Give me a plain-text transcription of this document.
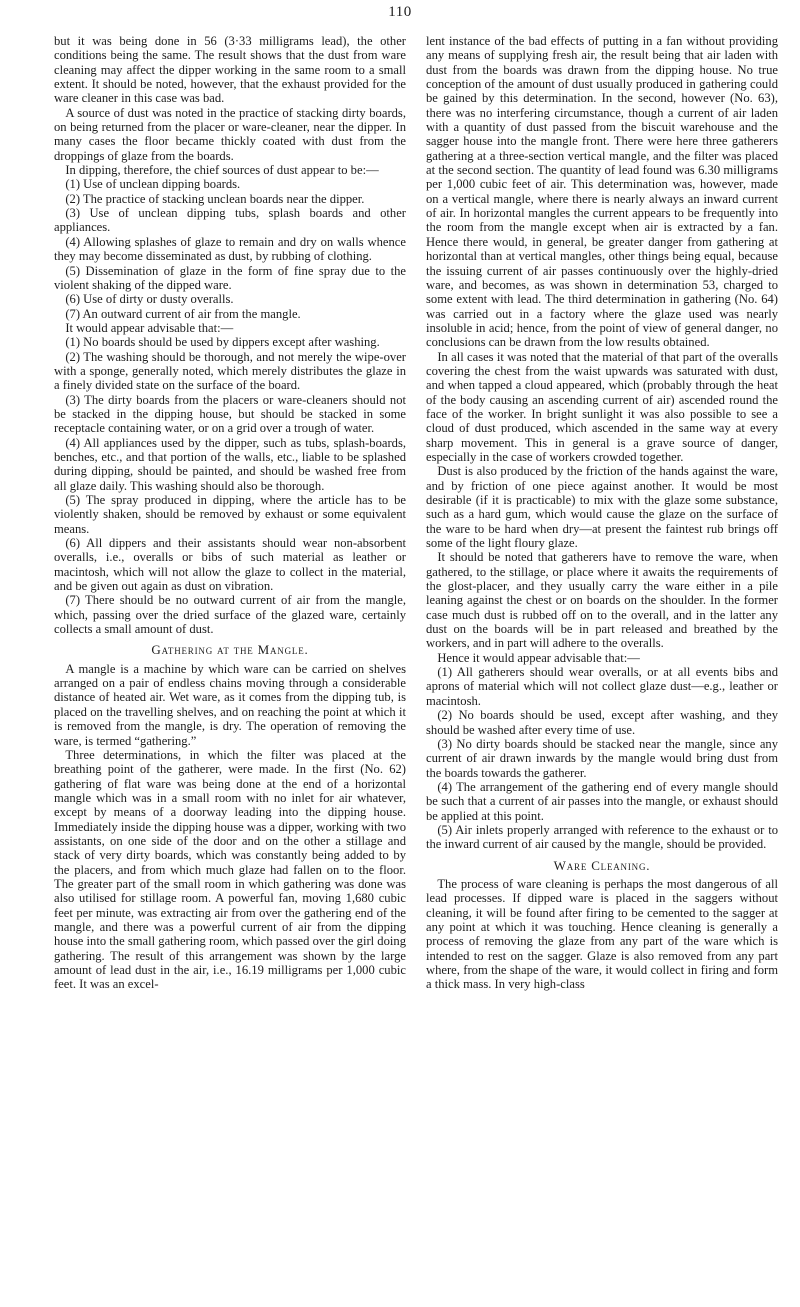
110

but it was being done in 56 (3·33 milligrams lead), the other conditions being the same. The result shows that the dust from ware cleaning may affect the dipper working in the same room to a small extent. It should be noted, however, that the exhaust provided for the ware cleaner in this case was bad.

A source of dust was noted in the practice of stacking dirty boards, on being returned from the placer or ware-cleaner, near the dipper. In many cases the floor became thickly coated with dust from the droppings of glaze from the boards.

In dipping, therefore, the chief sources of dust appear to be:—

(1) Use of unclean dipping boards.

(2) The practice of stacking unclean boards near the dipper.

(3) Use of unclean dipping tubs, splash boards and other appliances.

(4) Allowing splashes of glaze to remain and dry on walls whence they may become disseminated as dust, by rubbing of clothing.

(5) Dissemination of glaze in the form of fine spray due to the violent shaking of the dipped ware.

(6) Use of dirty or dusty overalls.

(7) An outward current of air from the mangle.

It would appear advisable that:—

(1) No boards should be used by dippers except after washing.

(2) The washing should be thorough, and not merely the wipe-over with a sponge, generally noted, which merely distributes the glaze in a finely divided state on the surface of the board.

(3) The dirty boards from the placers or ware-cleaners should not be stacked in the dipping house, but should be stacked in some receptacle containing water, or on a grid over a trough of water.

(4) All appliances used by the dipper, such as tubs, splash-boards, benches, etc., and that portion of the walls, etc., liable to be splashed during dipping, should be painted, and should be washed free from all glaze daily. This washing should also be thorough.

(5) The spray produced in dipping, where the article has to be violently shaken, should be removed by exhaust or some equivalent means.

(6) All dippers and their assistants should wear non-absorbent overalls, i.e., overalls or bibs of such material as leather or macintosh, which will not allow the glaze to collect in the material, and be given out again as dust on vibration.

(7) There should be no outward current of air from the mangle, which, passing over the dried surface of the glazed ware, certainly collects a small amount of dust.

Gathering at the Mangle.

A mangle is a machine by which ware can be carried on shelves arranged on a pair of endless chains moving through a considerable distance of heated air. Wet ware, as it comes from the dipping tub, is placed on the travelling shelves, and on reaching the point at which it is removed from the mangle, is dry. The operation of removing the ware, is termed “gathering.”

Three determinations, in which the filter was placed at the breathing point of the gatherer, were made. In the first (No. 62) gathering of flat ware was being done at the end of a horizontal mangle which was in a small room with no inlet for air whatever, except by means of a doorway leading into the dipping house. Immediately inside the dipping house was a dipper, working with two assistants, on one side of the door and on the other a stillage and stack of very dirty boards, which was constantly being added to by the placers, and from which much glaze had fallen on to the floor. The greater part of the small room in which gathering was done was also utilised for stillage room. A powerful fan, moving 1,680 cubic feet per minute, was extracting air from over the gathering end of the mangle, and there was a powerful current of air from the dipping house into the small gathering room, which passed over the girl doing gathering. The result of this arrangement was shown by the large amount of lead dust in the air, i.e., 16.19 milligrams per 1,000 cubic feet. It was an excel-

lent instance of the bad effects of putting in a fan without providing any means of supplying fresh air, the result being that air laden with dust from the boards was drawn from the dipping house. No true conception of the amount of dust usually produced in gathering could be gained by this determination. In the second, however (No. 63), there was no interfering circumstance, though a current of air laden with a quantity of dust passed from the biscuit warehouse and the sagger house into the mangle front. There were here three gatherers gathering at a three-section vertical mangle, and the filter was placed at the second section. The quantity of lead found was 6.30 milligrams per 1,000 cubic feet of air. This determination was, however, made on a vertical mangle, where there is nearly always an inward current of air. In horizontal mangles the current appears to be frequently into the room from the mangle except when air is extracted by a fan. Hence there would, in general, be greater danger from gathering at horizontal than at vertical mangles, other things being equal, because the issuing current of air passes continuously over the highly-dried ware, and becomes, as was shown in determination 53, charged to some extent with lead. The third determination in gathering (No. 64) was carried out in a factory where the glaze used was nearly insoluble in acid; hence, from the point of view of general danger, no conclusions can be drawn from the low results obtained.

In all cases it was noted that the material of that part of the overalls covering the chest from the waist upwards was saturated with dust, and when tapped a cloud appeared, which (probably through the heat of the body causing an ascending current of air) ascended round the face of the worker. In bright sunlight it was also possible to see a cloud of dust produced, which ascended in the same way at every sharp movement. This in general is a grave source of danger, especially in the case of workers crowded together.

Dust is also produced by the friction of the hands against the ware, and by friction of one piece against another. It would be most desirable (if it is practicable) to mix with the glaze some substance, such as a hard gum, which would cause the glaze on the surface of the ware to be hard when dry—at present the faintest rub brings off some of the light floury glaze.

It should be noted that gatherers have to remove the ware, when gathered, to the stillage, or place where it awaits the requirements of the glost-placer, and they usually carry the ware either in a pile leaning against the chest or on boards on the shoulder. In the former case much dust is rubbed off on to the overall, and in the latter any dust on the boards will be in part released and breathed by the workers, and in part will adhere to the overalls.

Hence it would appear advisable that:—

(1) All gatherers should wear overalls, or at all events bibs and aprons of material which will not collect glaze dust—e.g., leather or macintosh.

(2) No boards should be used, except after washing, and they should be washed after every time of use.

(3) No dirty boards should be stacked near the mangle, since any current of air drawn inwards by the mangle would bring dust from the boards towards the gatherer.

(4) The arrangement of the gathering end of every mangle should be such that a current of air passes into the mangle, or exhaust should be applied at this point.

(5) Air inlets properly arranged with reference to the exhaust or to the inward current of air caused by the mangle, should be provided.

Ware Cleaning.

The process of ware cleaning is perhaps the most dangerous of all lead processes. If dipped ware is placed in the saggers without cleaning, it will be found after firing to be cemented to the sagger at any point at which it was touching. Hence cleaning is generally a process of removing the glaze from any part of the ware which is intended to rest on the sagger. Glaze is also removed from any part where, from the shape of the ware, it would collect in firing and form a thick mass. In very high-class
